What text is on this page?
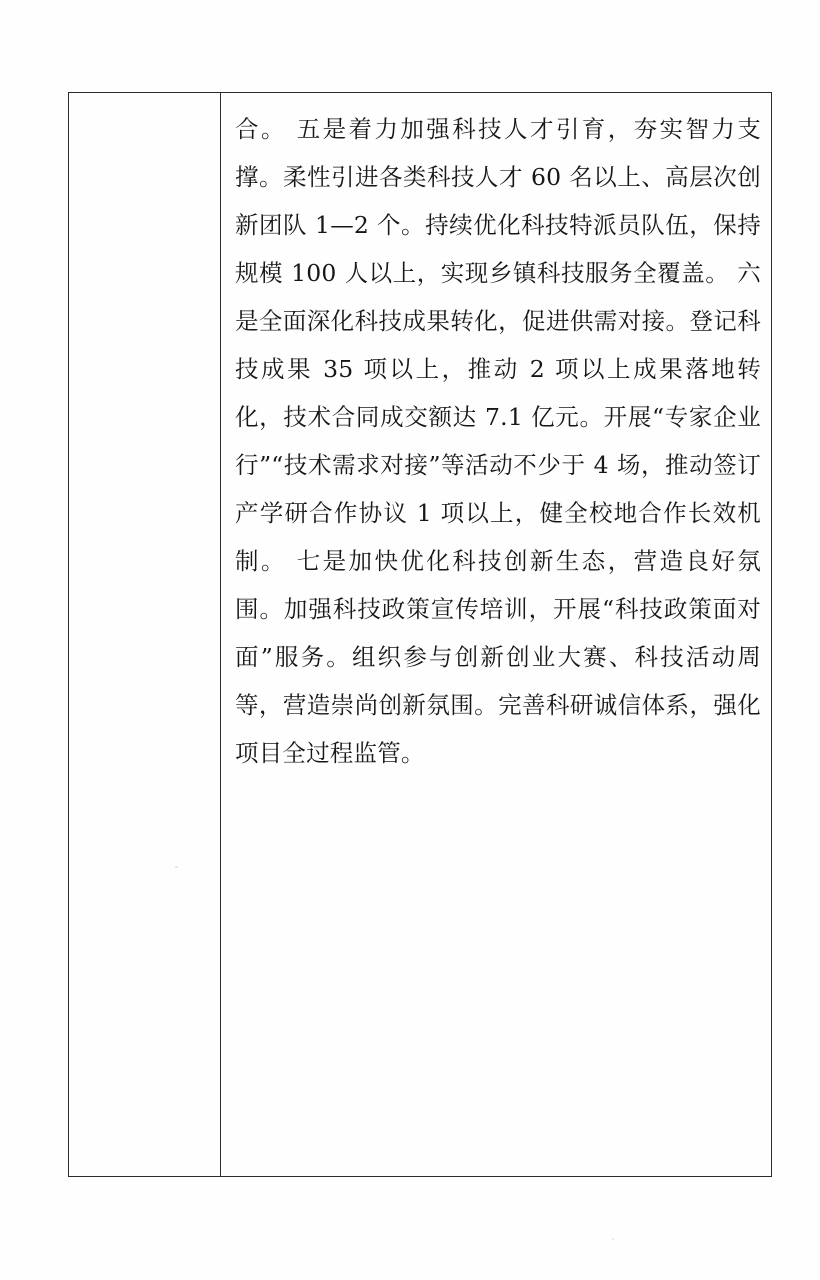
合。 五是着力加强科技人才引育，夯实智力支撑。柔性引进各类科技人才 60 名以上、高层次创新团队 1—2 个。持续优化科技特派员队伍，保持规模 100 人以上，实现乡镇科技服务全覆盖。 六是全面深化科技成果转化，促进供需对接。登记科技成果 35 项以上，推动 2 项以上成果落地转化，技术合同成交额达 7.1 亿元。开展“专家企业行”“技术需求对接”等活动不少于 4 场，推动签订产学研合作协议 1 项以上，健全校地合作长效机制。 七是加快优化科技创新生态，营造良好氛围。加强科技政策宣传培训，开展“科技政策面对面”服务。组织参与创新创业大赛、科技活动周等，营造崇尚创新氛围。完善科研诚信体系，强化项目全过程监管。
